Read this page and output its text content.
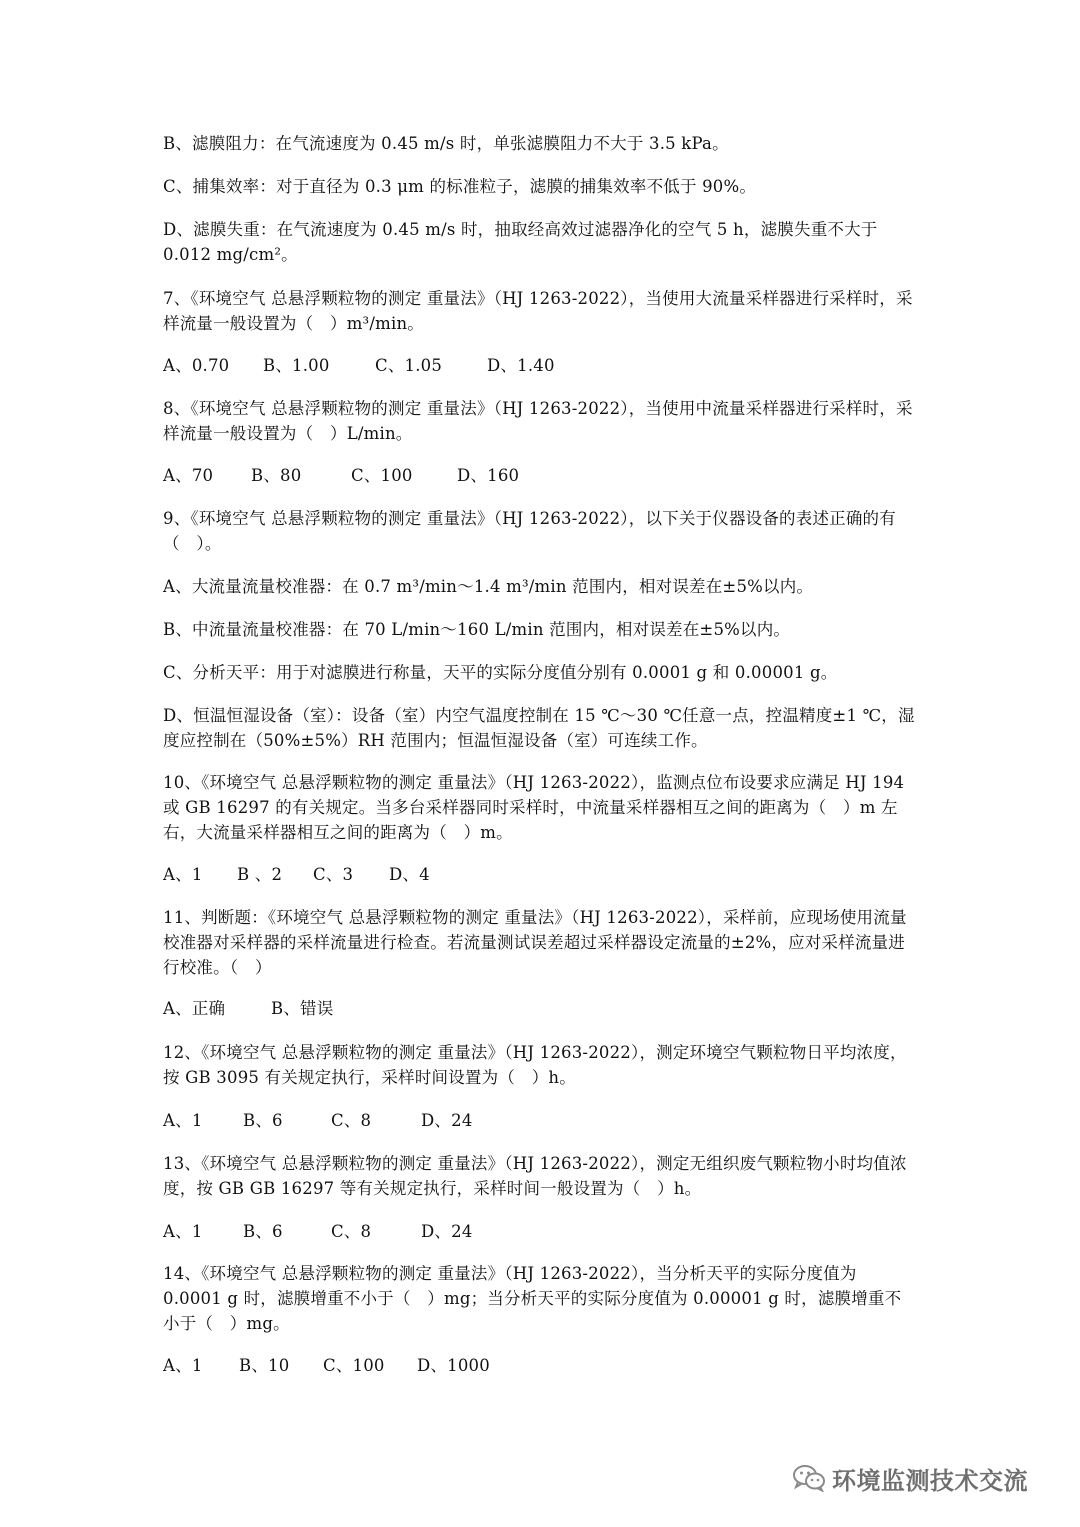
B、滤膜阻力：在气流速度为 0.45 m/s 时，单张滤膜阻力不大于 3.5 kPa。

C、捕集效率：对于直径为 0.3 μm 的标准粒子，滤膜的捕集效率不低于 90%。

D、滤膜失重：在气流速度为 0.45 m/s 时，抽取经高效过滤器净化的空气 5 h，滤膜失重不大于 0.012 mg/cm²。

7、《环境空气 总悬浮颗粒物的测定 重量法》（HJ 1263-2022），当使用大流量采样器进行采样时，采样流量一般设置为（　）m³/min。

A、0.70 B、1.00	C、1.05	D、1.40

8、《环境空气 总悬浮颗粒物的测定 重量法》（HJ 1263-2022），当使用中流量采样器进行采样时，采样流量一般设置为（　）L/min。

A、70 B、80	C、100	D、160

9、《环境空气 总悬浮颗粒物的测定 重量法》（HJ 1263-2022），以下关于仪器设备的表述正确的有（　）。

A、大流量流量校准器：在 0.7 m³/min～1.4 m³/min 范围内，相对误差在±5%以内。

B、中流量流量校准器：在 70 L/min～160 L/min 范围内，相对误差在±5%以内。

C、分析天平：用于对滤膜进行称量，天平的实际分度值分别有 0.0001 g 和 0.00001 g。

D、恒温恒湿设备（室）：设备（室）内空气温度控制在 15 ℃～30 ℃任意一点，控温精度±1 ℃，湿度应控制在（50%±5%）RH 范围内；恒温恒湿设备（室）可连续工作。

10、《环境空气 总悬浮颗粒物的测定 重量法》（HJ 1263-2022），监测点位布设要求应满足 HJ 194 或 GB 16297 的有关规定。当多台采样器同时采样时，中流量采样器相互之间的距离为（　）m 左右，大流量采样器相互之间的距离为（　）m。

A、1 B 、2 C、3 D、4

11、判断题：《环境空气 总悬浮颗粒物的测定 重量法》（HJ 1263-2022），采样前，应现场使用流量校准器对采样器的采样流量进行检查。若流量测试误差超过采样器设定流量的±2%，应对采样流量进行校准。（　）

A、正确	B、错误

12、《环境空气 总悬浮颗粒物的测定 重量法》（HJ 1263-2022），测定环境空气颗粒物日平均浓度，按 GB 3095 有关规定执行，采样时间设置为（　）h。

A、1 B、6	C、8	D、24

13、《环境空气 总悬浮颗粒物的测定 重量法》（HJ 1263-2022），测定无组织废气颗粒物小时均值浓度，按 GB GB 16297 等有关规定执行，采样时间一般设置为（　）h。

A、1 B、6	C、8	D、24

14、《环境空气 总悬浮颗粒物的测定 重量法》（HJ 1263-2022），当分析天平的实际分度值为 0.0001 g 时，滤膜增重不小于（　）mg；当分析天平的实际分度值为 0.00001 g 时，滤膜增重不小于（　）mg。

A、1 B、10 C、100 D、1000
环境监测技术交流
